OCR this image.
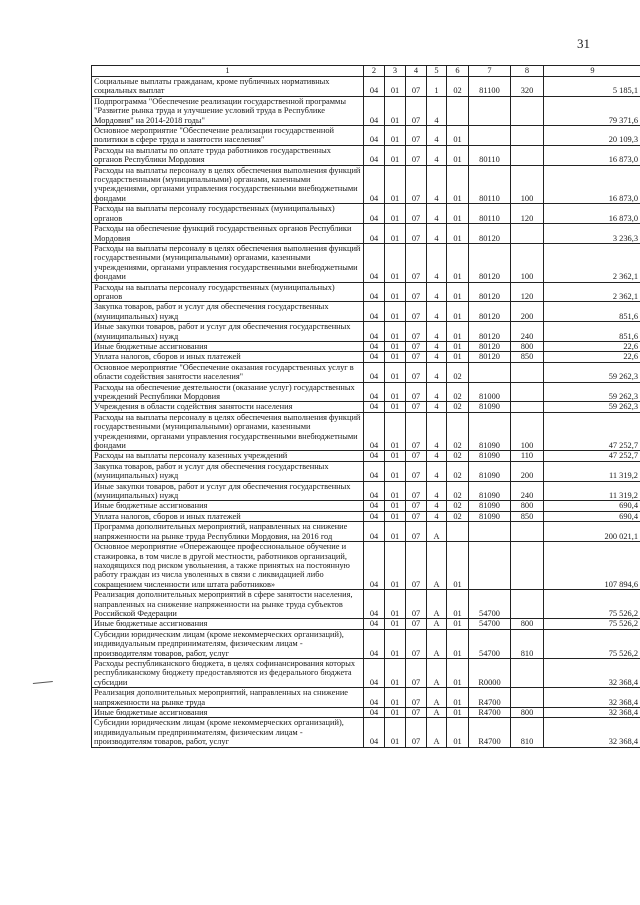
31
1	2	3	4	5	6	7	8	9
Социальные выплаты гражданам, кроме публичных нормативных социальных выплат	04	01	07	1	02	81100	320	5 185,1
Подпрограмма "Обеспечение реализации государственной программы "Развитие рынка труда и улучшение условий труда в Республике Мордовия" на 2014-2018 годы"	04	01	07	4				79 371,6
Основное мероприятие "Обеспечение реализации государственной политики в сфере труда и занятости населения"	04	01	07	4	01			20 109,3
Расходы на выплаты по оплате труда работников государственных органов Республики Мордовия	04	01	07	4	01	80110		16 873,0
Расходы на выплаты персоналу в целях обеспечения выполнения функций государственными (муниципальными) органами, казенными учреждениями, органами управления государственными внебюджетными фондами	04	01	07	4	01	80110	100	16 873,0
Расходы на выплаты персоналу государственных (муниципальных) органов	04	01	07	4	01	80110	120	16 873,0
Расходы на обеспечение функций государственных органов Республики Мордовия	04	01	07	4	01	80120		3 236,3
Расходы на выплаты персоналу в целях обеспечения выполнения функций государственными (муниципальными) органами, казенными учреждениями, органами управления государственными внебюджетными фондами	04	01	07	4	01	80120	100	2 362,1
Расходы на выплаты персоналу государственных (муниципальных) органов	04	01	07	4	01	80120	120	2 362,1
Закупка товаров, работ и услуг для обеспечения государственных (муниципальных) нужд	04	01	07	4	01	80120	200	851,6
Иные закупки товаров, работ и услуг для обеспечения государственных (муниципальных) нужд	04	01	07	4	01	80120	240	851,6
Иные бюджетные ассигнования	04	01	07	4	01	80120	800	22,6
Уплата налогов, сборов и иных платежей	04	01	07	4	01	80120	850	22,6
Основное мероприятие "Обеспечение оказания государственных услуг в области содействия занятости населения"	04	01	07	4	02			59 262,3
Расходы на обеспечение деятельности (оказание услуг) государственных учреждений Республики Мордовия	04	01	07	4	02	81000		59 262,3
Учреждения в области содействия занятости населения	04	01	07	4	02	81090		59 262,3
Расходы на выплаты персоналу в целях обеспечения выполнения функций государственными (муниципальными) органами, казенными учреждениями, органами управления государственными внебюджетными фондами	04	01	07	4	02	81090	100	47 252,7
Расходы на выплаты персоналу казенных учреждений	04	01	07	4	02	81090	110	47 252,7
Закупка товаров, работ и услуг для обеспечения государственных (муниципальных) нужд	04	01	07	4	02	81090	200	11 319,2
Иные закупки товаров, работ и услуг для обеспечения государственных (муниципальных) нужд	04	01	07	4	02	81090	240	11 319,2
Иные бюджетные ассигнования	04	01	07	4	02	81090	800	690,4
Уплата налогов, сборов и иных платежей	04	01	07	4	02	81090	850	690,4
Программа дополнительных мероприятий, направленных на снижение напряженности на рынке труда Республики Мордовия, на 2016 год	04	01	07	А				200 021,1
Основное мероприятие «Опережающее профессиональное обучение и стажировка, в том числе в другой местности, работников организаций, находящихся под риском увольнения, а также принятых на постоянную работу граждан из числа уволенных в связи с ликвидацией либо сокращением численности или штата работников»	04	01	07	А	01			107 894,6
Реализация дополнительных мероприятий в сфере занятости населения, направленных на снижение напряженности на рынке труда субъектов Российской Федерации	04	01	07	А	01	54700		75 526,2
Иные бюджетные ассигнования	04	01	07	А	01	54700	800	75 526,2
Субсидии юридическим лицам (кроме некоммерческих организаций), индивидуальным предпринимателям, физическим лицам - производителям товаров, работ, услуг	04	01	07	А	01	54700	810	75 526,2
Расходы республиканского бюджета, в целях софинансирования которых республиканскому бюджету предоставляются из федерального бюджета субсидии	04	01	07	А	01	R0000		32 368,4
Реализация дополнительных мероприятий, направленных на снижение напряженности на рынке труда	04	01	07	А	01	R4700		32 368,4
Иные бюджетные ассигнования	04	01	07	А	01	R4700	800	32 368,4
Субсидии юридическим лицам (кроме некоммерческих организаций), индивидуальным предпринимателям, физическим лицам - производителям товаров, работ, услуг	04	01	07	А	01	R4700	810	32 368,4
